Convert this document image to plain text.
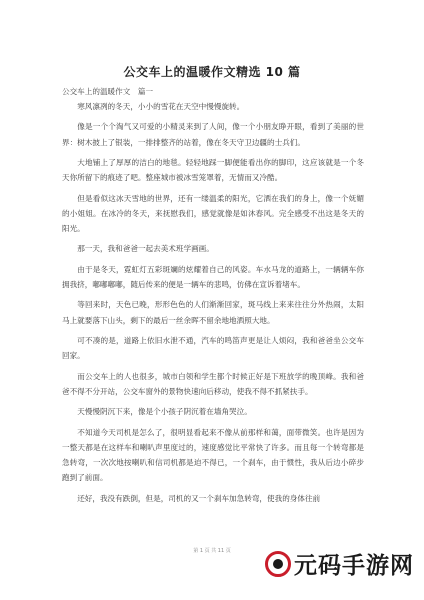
公交车上的温暖作文精选 10 篇
公交车上的温暖作文　篇一

寒风凛冽的冬天，小小的雪花在天空中慢慢旋转。

像是一个个淘气又可爱的小精灵来到了人间，像一个小朋友睁开眼，看到了美丽的世界：树木披上了银装，一排排整齐的站着，像在冬天守卫边疆的士兵们。

大地铺上了厚厚的洁白的地毯。轻轻地踩一脚便能看出你的脚印，这应该就是一个冬天你所留下的痕迹了吧。整座城市被冰雪笼罩着，无情而又冷酷。

但是看似这冰天雪地的世界，还有一缕温柔的阳光，它洒在我们的身上，像一个妩媚的小姐姐。在冰冷的冬天，来抚慰我们，感觉就像是如沐春风。完全感受不出这是冬天的阳光。

那一天，我和爸爸一起去美术班学画画。

由于是冬天，霓虹灯五彩斑斓的炫耀着自己的风姿。车水马龙的道路上，一辆辆车你拥我挤，嘟嘟嘟嘟，随后传来的便是一辆车的悲鸣，仿佛在宣诉着堵车。

等回来时，天色已晚，形形色色的人们渐渐回家，斑马线上来来往往分外热闹，太阳马上就要落下山头，剩下的最后一丝余晖不留余地地洒照大地。

可不凑的是，道路上依旧水泄不通，汽车的鸣笛声更是让人烦闷，我和爸爸坐公交车回家。

而公交车上的人也很多，城市白领和学生都个时候正好是下班放学的晚顶峰。我和爸爸不得不分开站，公交车窗外的景物快速向后移动，使我不得不抓紧扶手。

天慢慢阴沉下来，像是个小孩子阴沉着在墙角哭泣。

不知道今天司机是怎么了，很明显看起来不像从前那样和蔼，面带微笑。也许是因为一整天都是在这样车和喇叭声里度过的，速度感觉比平常快了许多。而且每一个转弯都是急转弯，一次次地按喇叭和信司机都是迫不得已，一个刹车，由于惯性，我从后边小碎步跑到了前面。

还好，我没有跌倒，但是，司机的又一个刹车加急转弯，使我的身体往前

第 1 页 共 11 页
元码手游网
